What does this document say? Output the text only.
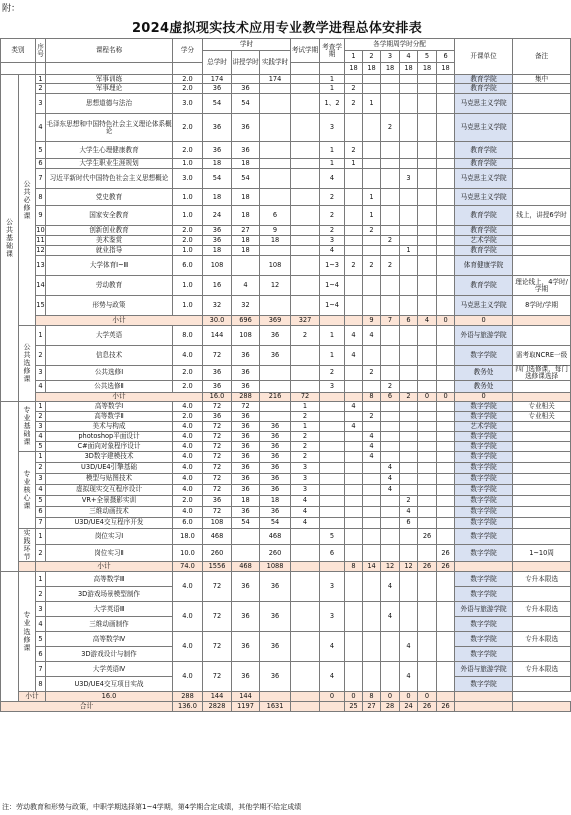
附：
2024虚拟现实技术应用专业教学进程总体安排表
类别		序号	课程名称	学分	学时			考试学期	考查学期	各学期周学时分配						开课单位	备注	
					总学时	讲授学时	实践学时			1	2	3	4	5	6			
										18	18	18	18	18	18			

公共基础课	公共必修课	1	军事训练	2.0	174		174		1							教育学院	集中	
		2	军事理论	2.0	36	36			1	2						教育学院		
		3	思想道德与法治	3.0	54	54			1、2	2	1					马克思主义学院		
		4	毛泽东思想和中国特色社会主义理论体系概论	2.0	36	36			3			2				马克思主义学院		
		5	大学生心理健康教育	2.0	36	36			1	2						教育学院		
		6	大学生职业生涯规划	1.0	18	18			1	1						教育学院		
		7	习近平新时代中国特色社会主义思想概论	3.0	54	54			4				3			马克思主义学院		
		8	党史教育	1.0	18	18			2		1					马克思主义学院		
		9	国家安全教育	1.0	24	18	6		2		1					教育学院	线上，讲授6学时	
		10	创新创业教育	2.0	36	27	9		2		2					教育学院		
		11	美术鉴赏	2.0	36	18	18		3			2				艺术学院		
		12	就业指导	1.0	18	18			4				1			教育学院		
		13	大学体育Ⅰ~Ⅲ	6.0	108		108		1~3	2	2	2				体育健康学院		
		14	劳动教育	1.0	16	4	12		1~4							教育学院	理论线上，4学时/学期	
		15	形势与政策	1.0	32	32			1~4							马克思主义学院	8学时/学期	
		小计			30.0	696	369	327			9	7	6	4	0	0		

	公共选修课	1	大学英语	8.0	144	108	36	2	1	4	4					外语与旅游学院		
		2	信息技术	4.0	72	36	36		1	4						数字学院	需考取NCRE一级	
		3	公共选修Ⅰ	2.0	36	36			2		2					教务处	四门选修课，每门选修课选择	
		4	公共选修Ⅱ	2.0	36	36			3			2				教务处		
		小计			16.0	288	216	72			8	6	2	0	0	0		

	专业基础课	1	高等数学Ⅰ	4.0	72	72		1		4						数字学院	专业相关	
		2	高等数学Ⅱ	2.0	36	36		2			2					数字学院	专业相关	
		3	美术与构成	4.0	72	36	36	1		4						艺术学院		
		4	photoshop平面设计	4.0	72	36	36	2			4					数字学院		
		5	C#面向对象程序设计	4.0	72	36	36	2			4					数字学院		

	专业核心课	1	3D数字建模技术	4.0	72	36	36	2			4					数字学院		
		2	U3D/UE4引擎基础	4.0	72	36	36	3				4				数字学院		
		3	模型与贴图技术	4.0	72	36	36	3				4				数字学院		
		4	虚拟现实交互程序设计	4.0	72	36	36	3				4				数字学院		
		5	VR+全景摄影实训	2.0	36	18	18	4					2			数字学院		
		6	三维动画技术	4.0	72	36	36	4					4			数字学院		
		7	U3D/UE4交互程序开发	6.0	108	54	54	4					6			数字学院		

	实践环节	1	岗位实习Ⅰ	18.0	468		468		5					26		数字学院		
		2	岗位实习Ⅱ	10.0	260		260		6						26	数字学院	1~10周	
		小计		74.0	1556	468	1088			8	14	12	12	26	26			

	专业选修课	1	高等数学Ⅲ	4.0	72	36	36		3			4				数字学院	专升本限选	
		2	3D游戏场景模型制作													数字学院		
		3	大学英语Ⅲ	4.0	72	36	36		3			4				外语与旅游学院	专升本限选	
		4	三维动画制作													数字学院		
		5	高等数学Ⅳ	4.0	72	36	36		4				4			数字学院	专升本限选	
		6	3D游戏设计与制作													数字学院		
		7	大学英语Ⅳ	4.0	72	36	36		4				4			外语与旅游学院	专升本限选	
		8	U3D/UE4交互项目实战													数字学院		
	小计		16.0	288	144	144			0	0	8	0	0	0				
合计				136.0	2828	1197	1631			25	27	28	24	26	26			
注：劳动教育和形势与政策，中职学期选择第1~4学期，第4学期合定成绩，其他学期不给定成绩
